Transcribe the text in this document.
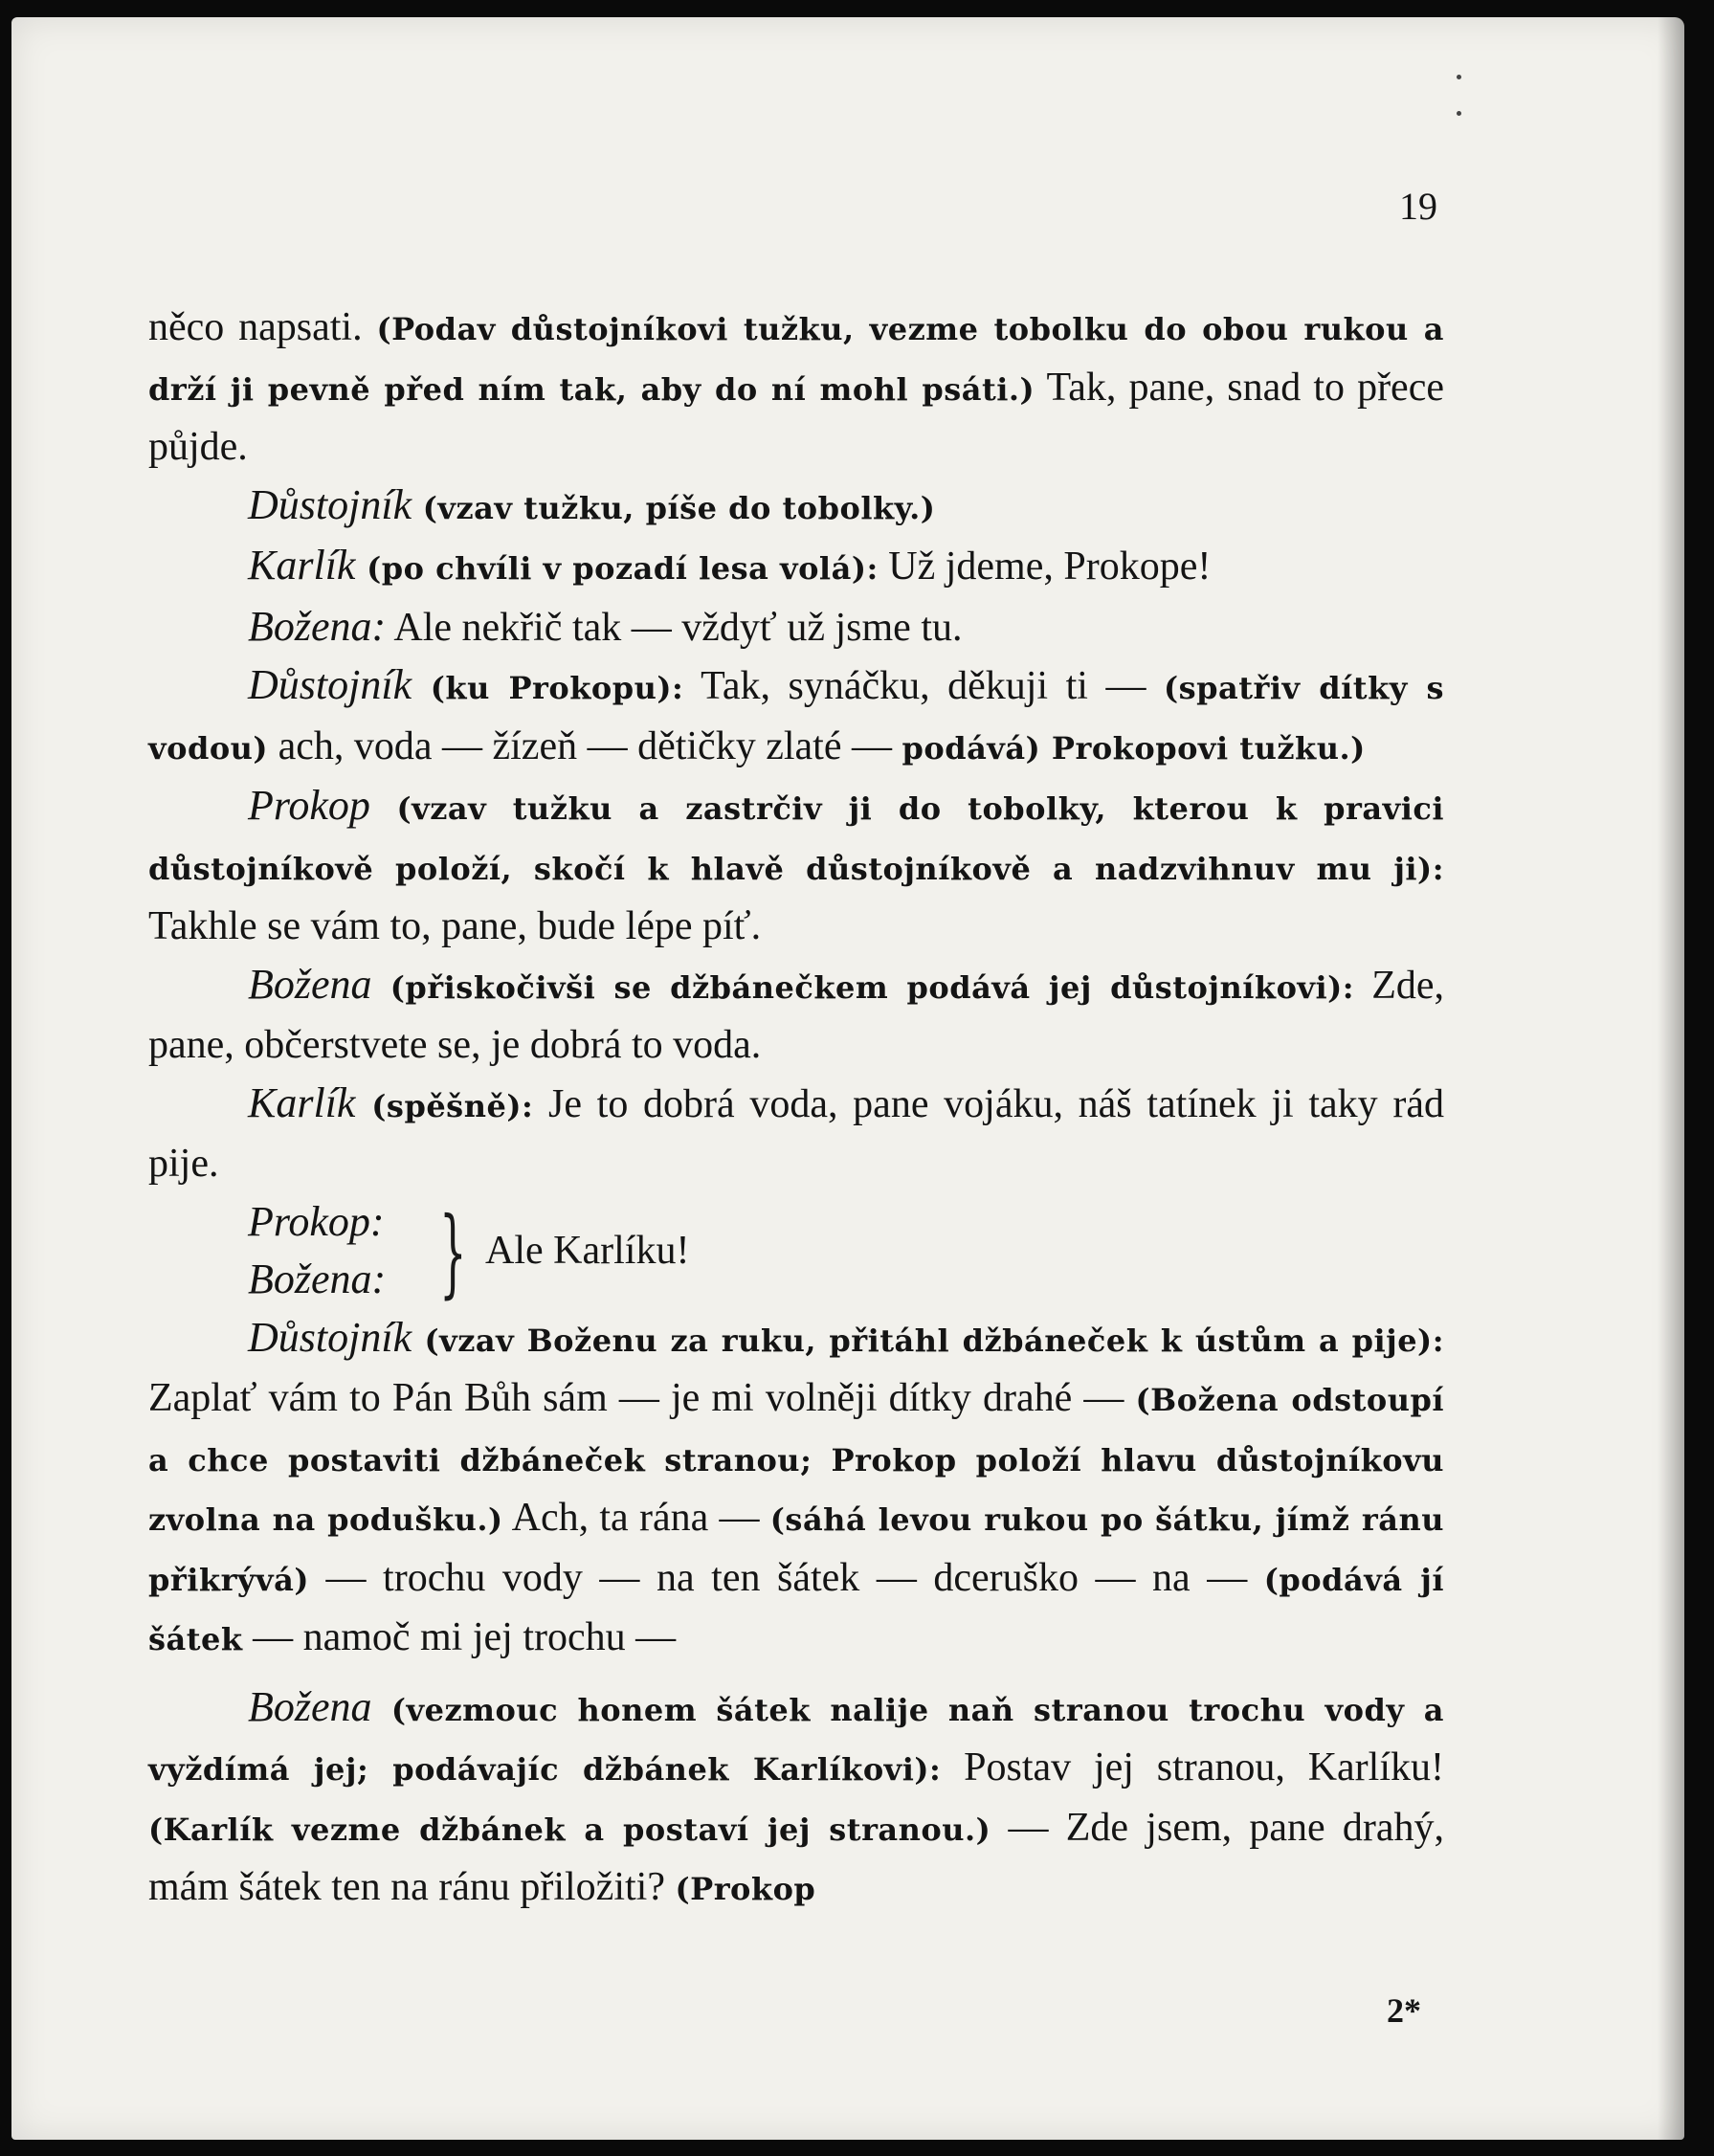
19

něco napsati. (Podav důstojníkovi tužku, vezme tobolku do obou rukou a drží ji pevně před ním tak, aby do ní mohl psáti.) Tak, pane, snad to přece půjde.

Důstojník (vzav tužku, píše do tobolky.)

Karlík (po chvíli v pozadí lesa volá): Už jdeme, Prokope!

Božena: Ale nekřič tak — vždyť už jsme tu.

Důstojník (ku Prokopu): Tak, synáčku, děkuji ti — (spatřiv dítky s vodou) ach, voda — žízeň — dětičky zlaté — podává) Prokopovi tužku.)

Prokop (vzav tužku a zastrčiv ji do tobolky, kterou k pravici důstojníkově položí, skočí k hlavě důstojníkově a nadzvihnuv mu ji): Takhle se vám to, pane, bude lépe píť.

Božena (přiskočivši se džbánečkem podává jej důstojníkovi): Zde, pane, občerstvete se, je dobrá to voda.

Karlík (spěšně): Je to dobrá voda, pane vojáku, náš tatínek ji taky rád pije.

Prokop:
Božena: } Ale Karlíku!

Důstojník (vzav Boženu za ruku, přitáhl džbáneček k ústům a pije): Zaplať vám to Pán Bůh sám — je mi volněji dítky drahé — (Božena odstoupí a chce postaviti džbáneček stranou; Prokop položí hlavu důstojníkovu zvolna na podušku.) Ach, ta rána — (sáhá levou rukou po šátku, jímž ránu přikrývá) — trochu vody — na ten šátek — dceruško — na — (podává jí šátek — namoč mi jej trochu —

Božena (vezmouc honem šátek nalije naň stranou trochu vody a vyždímá jej; podávajíc džbánek Karlíkovi): Postav jej stranou, Karlíku! (Karlík vezme džbánek a postaví jej stranou.) — Zde jsem, pane drahý, mám šátek ten na ránu přiložiti? (Prokop

2*
